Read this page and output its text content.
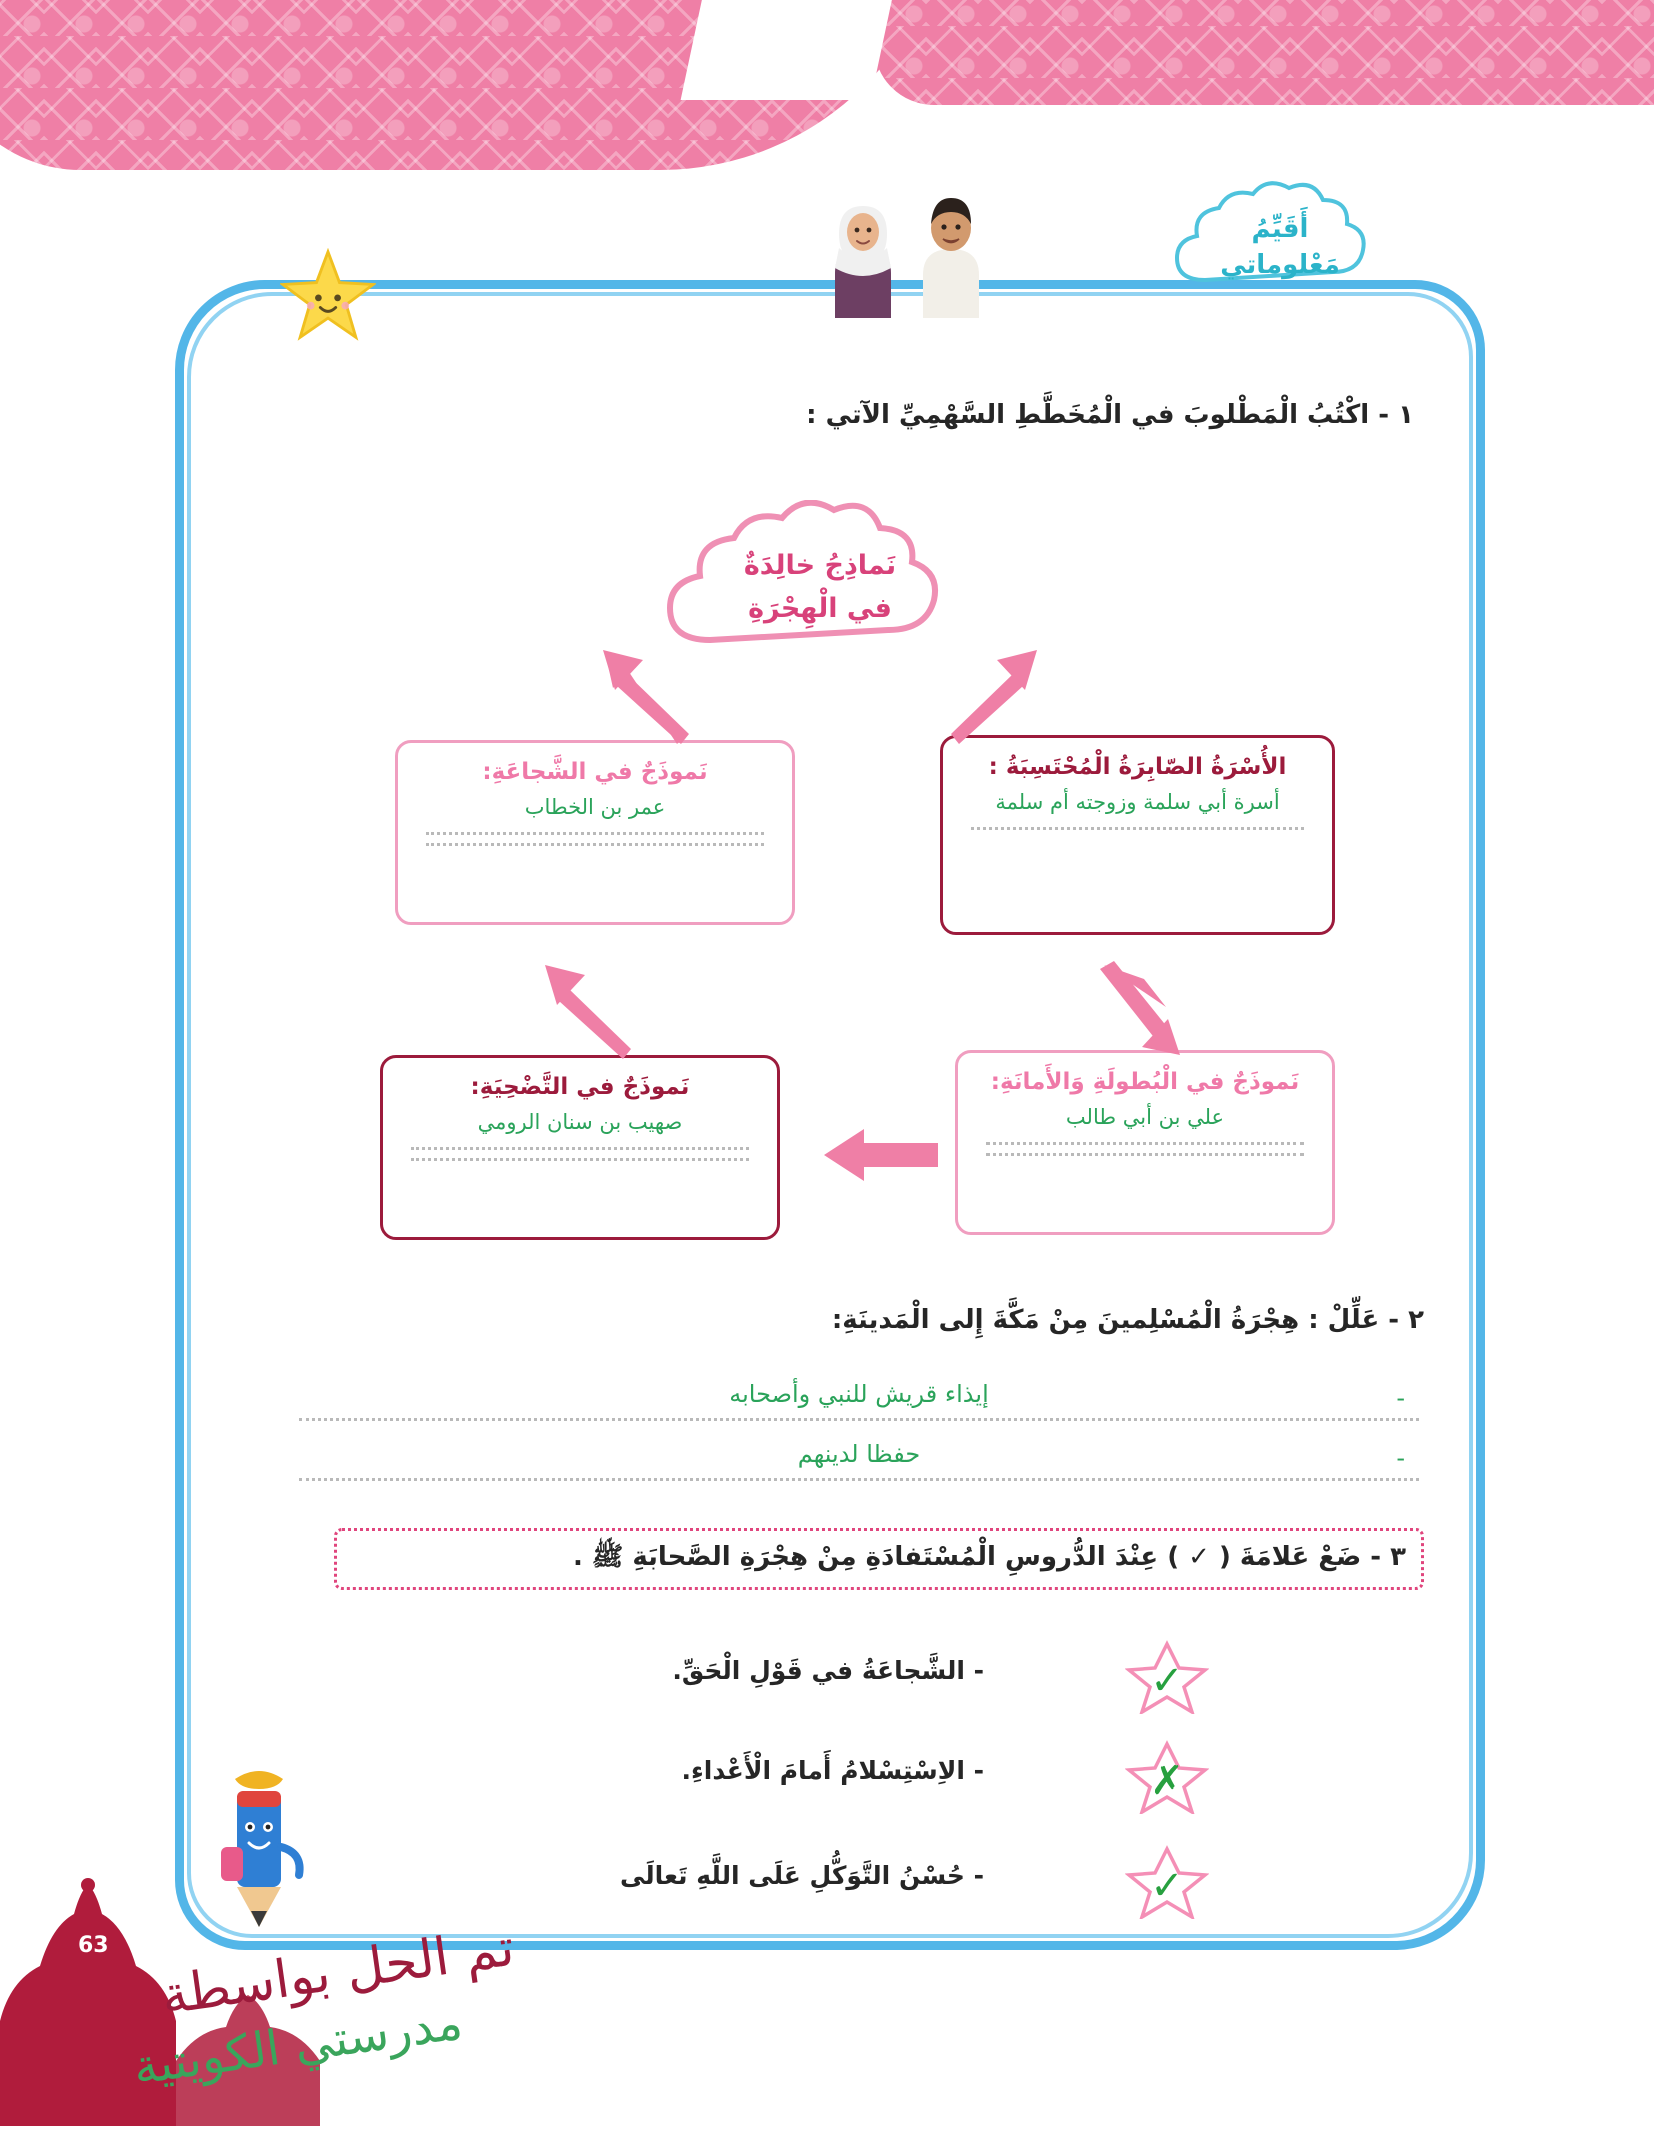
أَقَيِّمُ
مَعْلوماتي
١ - اكْتُبُ الْمَطْلوبَ في الْمُخَطَّطِ السَّهْمِيِّ الآتي :
نَماذِجُ خالِدَةٌ
في الْهِجْرَةِ
نَموذَجٌ في الشَّجاعَةِ:
عمر بن الخطاب
الأُسْرَةُ الصّابِرَةُ الْمُحْتَسِبَةُ :
أسرة أبي سلمة وزوجته أم سلمة
نَموذَجٌ في التَّضْحِيَةِ:
صهيب بن سنان الرومي
نَموذَجٌ في الْبُطولَةِ وَالأَمانَةِ:
علي بن أبي طالب
٢ - عَلِّلْ : هِجْرَةُ الْمُسْلِمينَ مِنْ مَكَّةَ إِلى الْمَدينَةِ:
-
إيذاء قريش للنبي وأصحابه
-
حفظا لدينهم
٣ - ضَعْ عَلامَةَ ( ✓ ) عِنْدَ الدُّروسِ الْمُسْتَفادَةِ مِنْ هِجْرَةِ الصَّحابَةِ ﷺ .
- الشَّجاعَةُ في قَوْلِ الْحَقِّ.	✓
- الاِسْتِسْلامُ أَمامَ الْأَعْداءِ.	✗
- حُسْنُ التَّوَكُّلِ عَلَى اللَّهِ تَعالَى	✓
63 تم الحل بواسطة
مدرستي الكويتية
